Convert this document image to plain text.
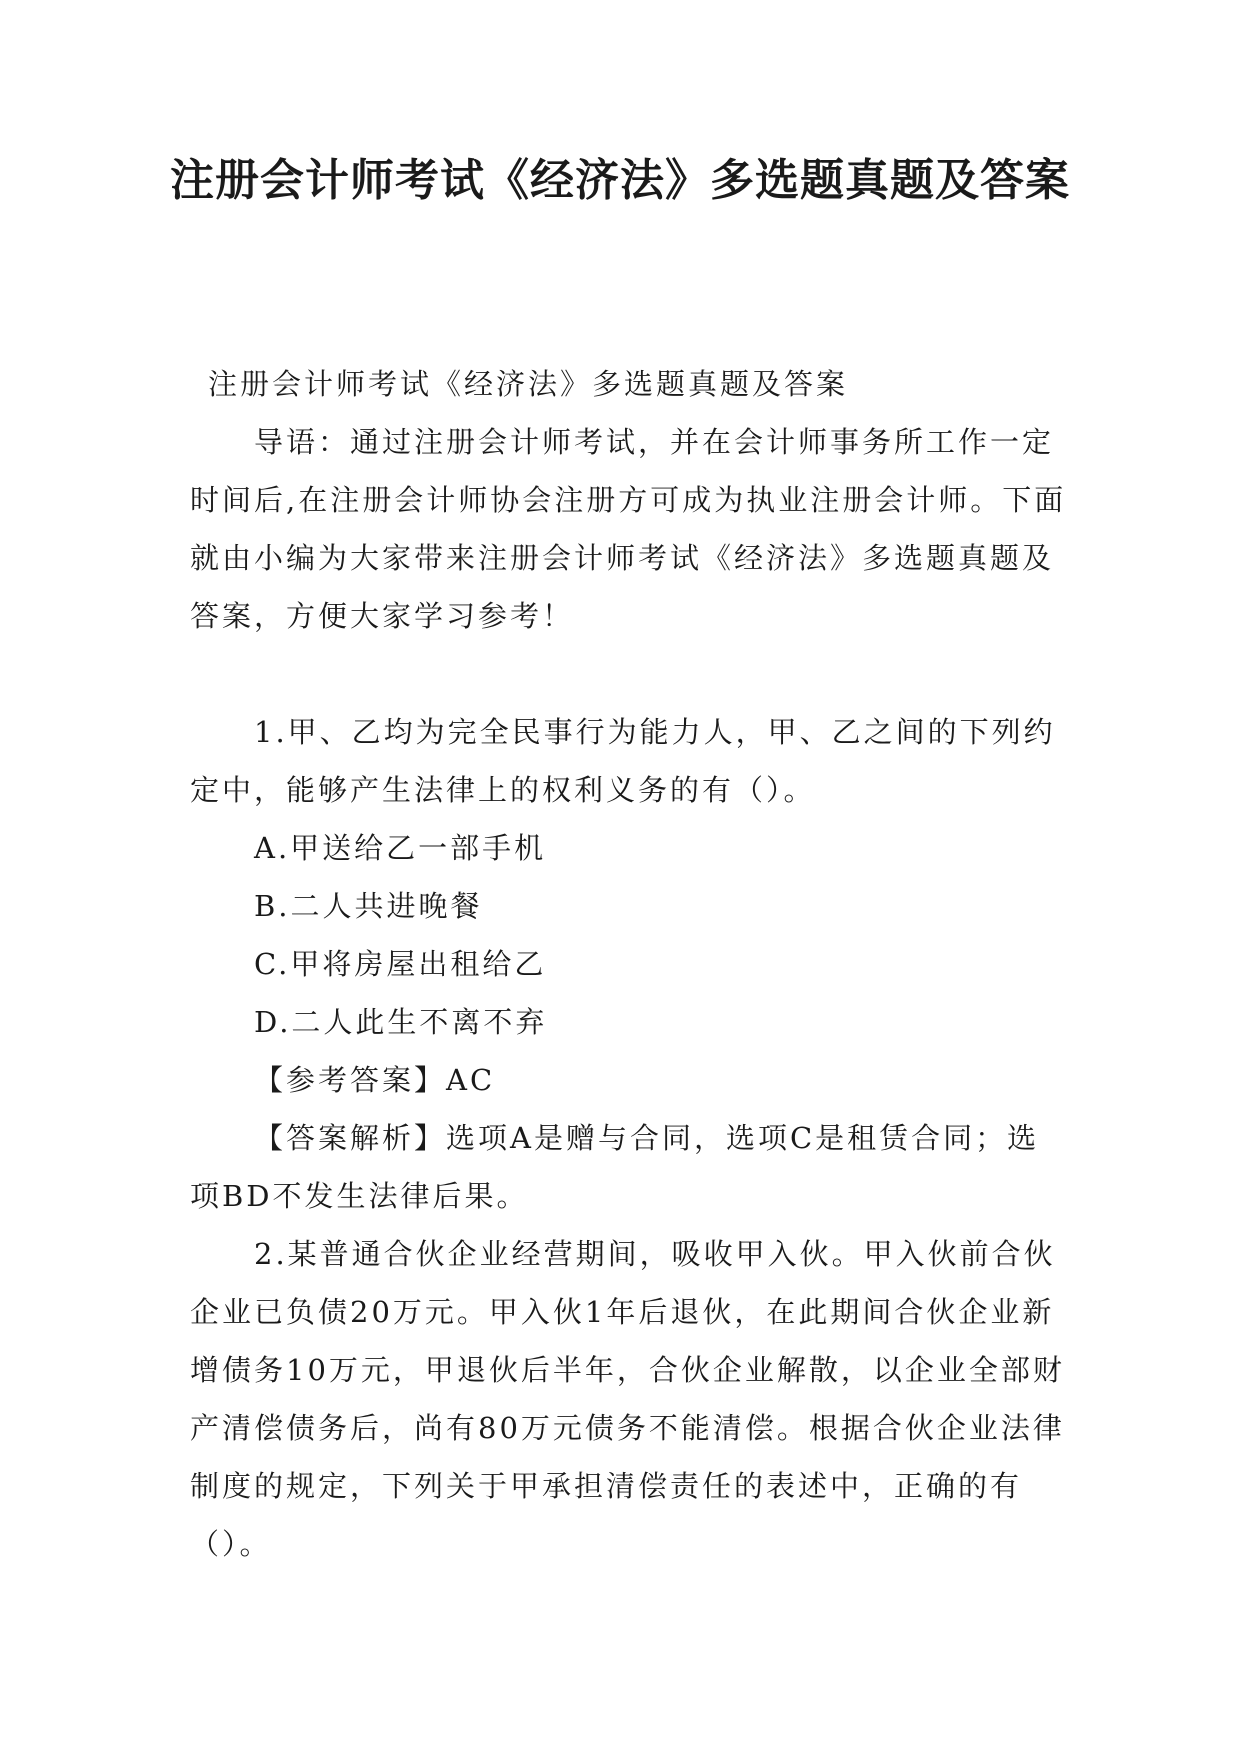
注册会计师考试《经济法》多选题真题及答案

注册会计师考试《经济法》多选题真题及答案

导语：通过注册会计师考试，并在会计师事务所工作一定时间后,在注册会计师协会注册方可成为执业注册会计师。下面就由小编为大家带来注册会计师考试《经济法》多选题真题及答案，方便大家学习参考！

1.甲、乙均为完全民事行为能力人，甲、乙之间的下列约定中，能够产生法律上的权利义务的有（）。

A.甲送给乙一部手机

B.二人共进晚餐

C.甲将房屋出租给乙

D.二人此生不离不弃

【参考答案】AC

【答案解析】选项A是赠与合同，选项C是租赁合同；选项BD不发生法律后果。

2.某普通合伙企业经营期间，吸收甲入伙。甲入伙前合伙企业已负债20万元。甲入伙1年后退伙，在此期间合伙企业新增债务10万元，甲退伙后半年，合伙企业解散，以企业全部财产清偿债务后，尚有80万元债务不能清偿。根据合伙企业法律制度的规定，下列关于甲承担清偿责任的表述中，正确的有（）。
